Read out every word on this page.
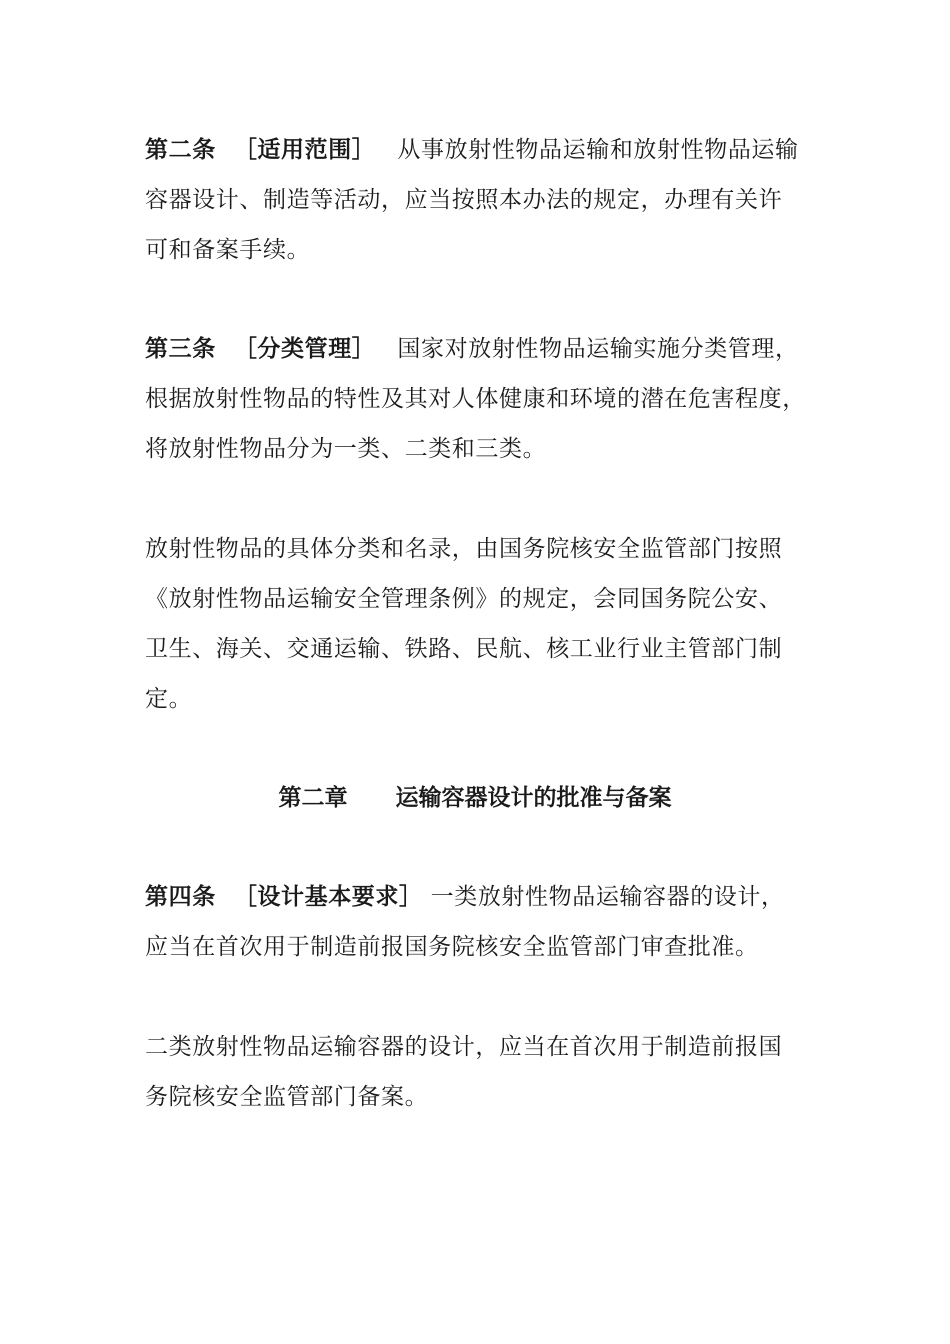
第二条 ［适用范围］ 从事放射性物品运输和放射性物品运输
容器设计、制造等活动，应当按照本办法的规定，办理有关许
可和备案手续。
第三条 ［分类管理］ 国家对放射性物品运输实施分类管理，
根据放射性物品的特性及其对人体健康和环境的潜在危害程度，
将放射性物品分为一类、二类和三类。
放射性物品的具体分类和名录，由国务院核安全监管部门按照
《放射性物品运输安全管理条例》的规定，会同国务院公安、
卫生、海关、交通运输、铁路、民航、核工业行业主管部门制
定。
第二章 运输容器设计的批准与备案
第四条 ［设计基本要求］ 一类放射性物品运输容器的设计，
应当在首次用于制造前报国务院核安全监管部门审查批准。
二类放射性物品运输容器的设计，应当在首次用于制造前报国
务院核安全监管部门备案。
